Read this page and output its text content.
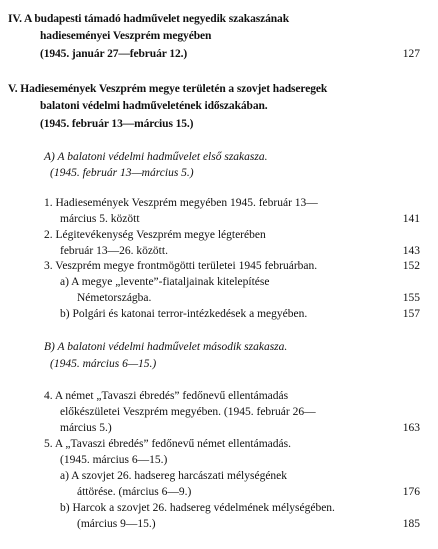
IV. A budapesti támadó hadművelet negyedik szakaszának
hadieseményei Veszprém megyében
(1945. január 27—február 12.)	127
V. Hadiesemények Veszprém megye területén a szovjet hadseregek
balatoni védelmi hadműveletének időszakában.
(1945. február 13—március 15.)
A) A balatoni védelmi hadművelet első szakasza.
(1945. február 13—március 5.)
1. Hadiesemények Veszprém megyében 1945. február 13—
március 5. között	141
2. Légitevékenység Veszprém megye légterében
február 13—26. között.	143
3. Veszprém megye frontmögötti területei 1945 februárban.	152
a) A megye „levente”-fiataljainak kitelepítése
Németországba.	155
b) Polgári és katonai terror-intézkedések a megyében.	157
B) A balatoni védelmi hadművelet második szakasza.
(1945. március 6—15.)
4. A német „Tavaszi ébredés” fedőnevű ellentámadás
előkészületei Veszprém megyében. (1945. február 26—
március 5.)	163
5. A „Tavaszi ébredés” fedőnevű német ellentámadás.
(1945. március 6—15.)
a) A szovjet 26. hadsereg harcászati mélységének
áttörése. (március 6—9.)	176
b) Harcok a szovjet 26. hadsereg védelmének mélységében.
(március 9—15.)	185
